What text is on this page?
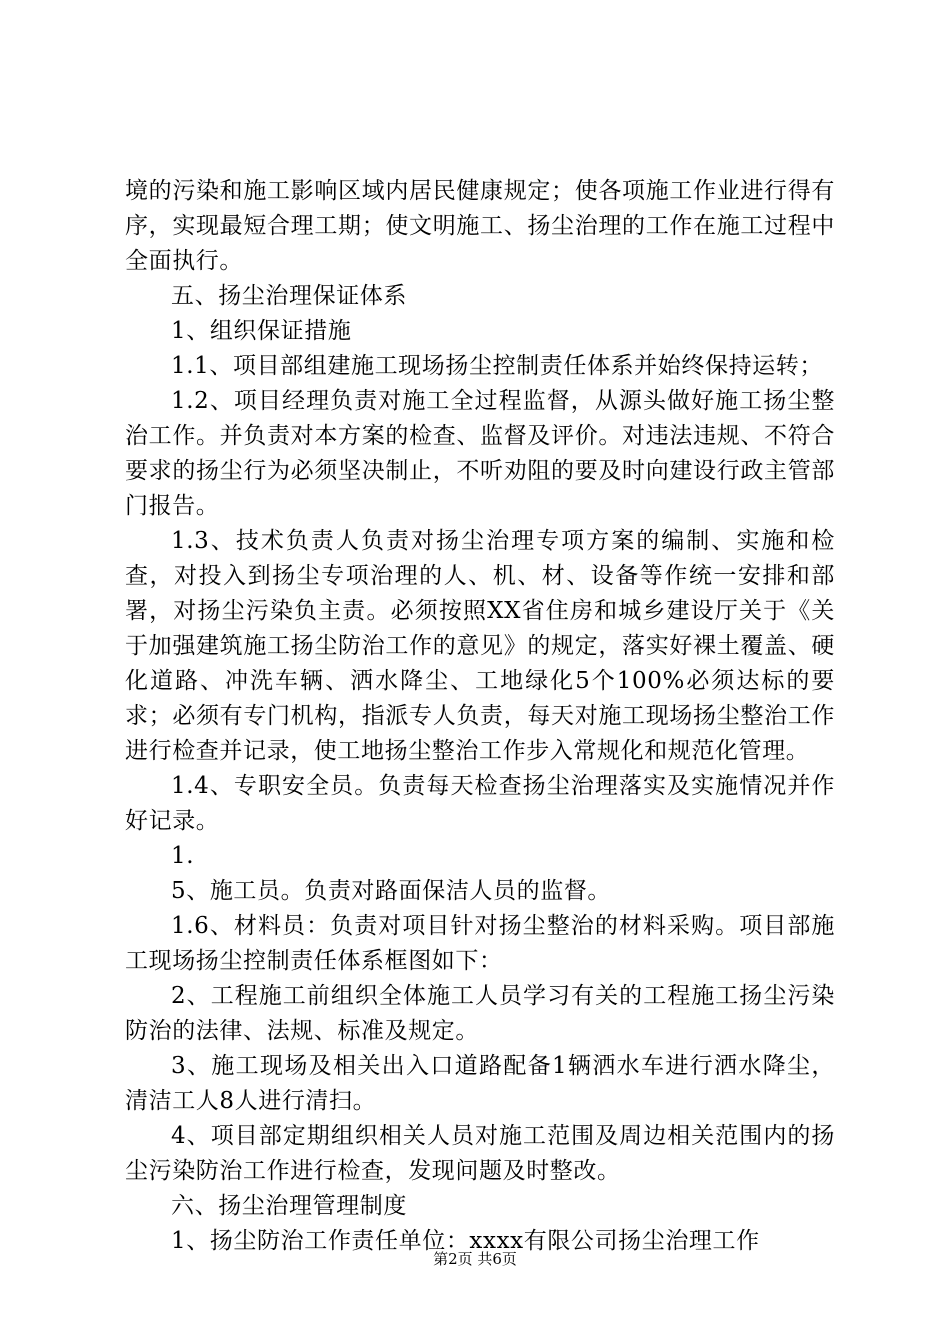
境的污染和施工影响区域内居民健康规定；使各项施工作业进行得有序，实现最短合理工期；使文明施工、扬尘治理的工作在施工过程中全面执行。

五、扬尘治理保证体系

1、组织保证措施

1.1、项目部组建施工现场扬尘控制责任体系并始终保持运转；

1.2、项目经理负责对施工全过程监督，从源头做好施工扬尘整治工作。并负责对本方案的检查、监督及评价。对违法违规、不符合要求的扬尘行为必须坚决制止，不听劝阻的要及时向建设行政主管部门报告。

1.3、技术负责人负责对扬尘治理专项方案的编制、实施和检查，对投入到扬尘专项治理的人、机、材、设备等作统一安排和部署，对扬尘污染负主责。必须按照XX省住房和城乡建设厅关于《关于加强建筑施工扬尘防治工作的意见》的规定，落实好裸土覆盖、硬化道路、冲洗车辆、洒水降尘、工地绿化5个100%必须达标的要求；必须有专门机构，指派专人负责，每天对施工现场扬尘整治工作进行检查并记录，使工地扬尘整治工作步入常规化和规范化管理。

1.4、专职安全员。负责每天检查扬尘治理落实及实施情况并作好记录。

1.

5、施工员。负责对路面保洁人员的监督。

1.6、材料员：负责对项目针对扬尘整治的材料采购。项目部施工现场扬尘控制责任体系框图如下：

2、工程施工前组织全体施工人员学习有关的工程施工扬尘污染防治的法律、法规、标准及规定。

3、施工现场及相关出入口道路配备1辆洒水车进行洒水降尘，清洁工人8人进行清扫。

4、项目部定期组织相关人员对施工范围及周边相关范围内的扬尘污染防治工作进行检查，发现问题及时整改。

六、扬尘治理管理制度

1、扬尘防治工作责任单位：xxxx有限公司扬尘治理工作

第2页 共6页
